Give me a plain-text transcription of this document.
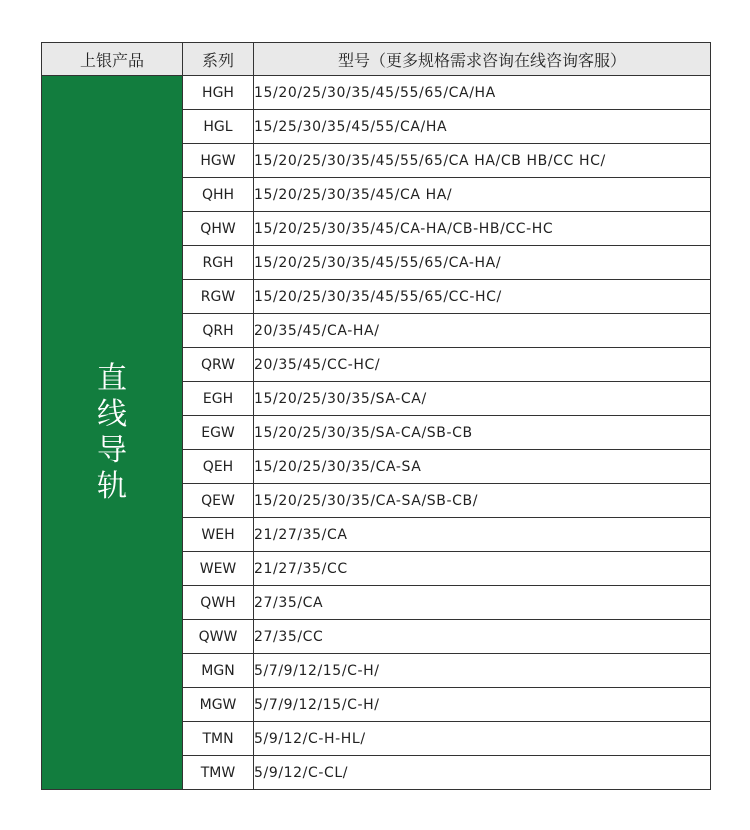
上银产品	系列	型号（更多规格需求咨询在线咨询客服）
直线导轨	HGH	15/20/25/30/35/45/55/65/CA/HA
	HGL	15/25/30/35/45/55/CA/HA
	HGW	15/20/25/30/35/45/55/65/CA HA/CB HB/CC HC/
	QHH	15/20/25/30/35/45/CA HA/
	QHW	15/20/25/30/35/45/CA-HA/CB-HB/CC-HC
	RGH	15/20/25/30/35/45/55/65/CA-HA/
	RGW	15/20/25/30/35/45/55/65/CC-HC/
	QRH	20/35/45/CA-HA/
	QRW	20/35/45/CC-HC/
	EGH	15/20/25/30/35/SA-CA/
	EGW	15/20/25/30/35/SA-CA/SB-CB
	QEH	15/20/25/30/35/CA-SA
	QEW	15/20/25/30/35/CA-SA/SB-CB/
	WEH	21/27/35/CA
	WEW	21/27/35/CC
	QWH	27/35/CA
	QWW	27/35/CC
	MGN	5/7/9/12/15/C-H/
	MGW	5/7/9/12/15/C-H/
	TMN	5/9/12/C-H-HL/
	TMW	5/9/12/C-CL/
